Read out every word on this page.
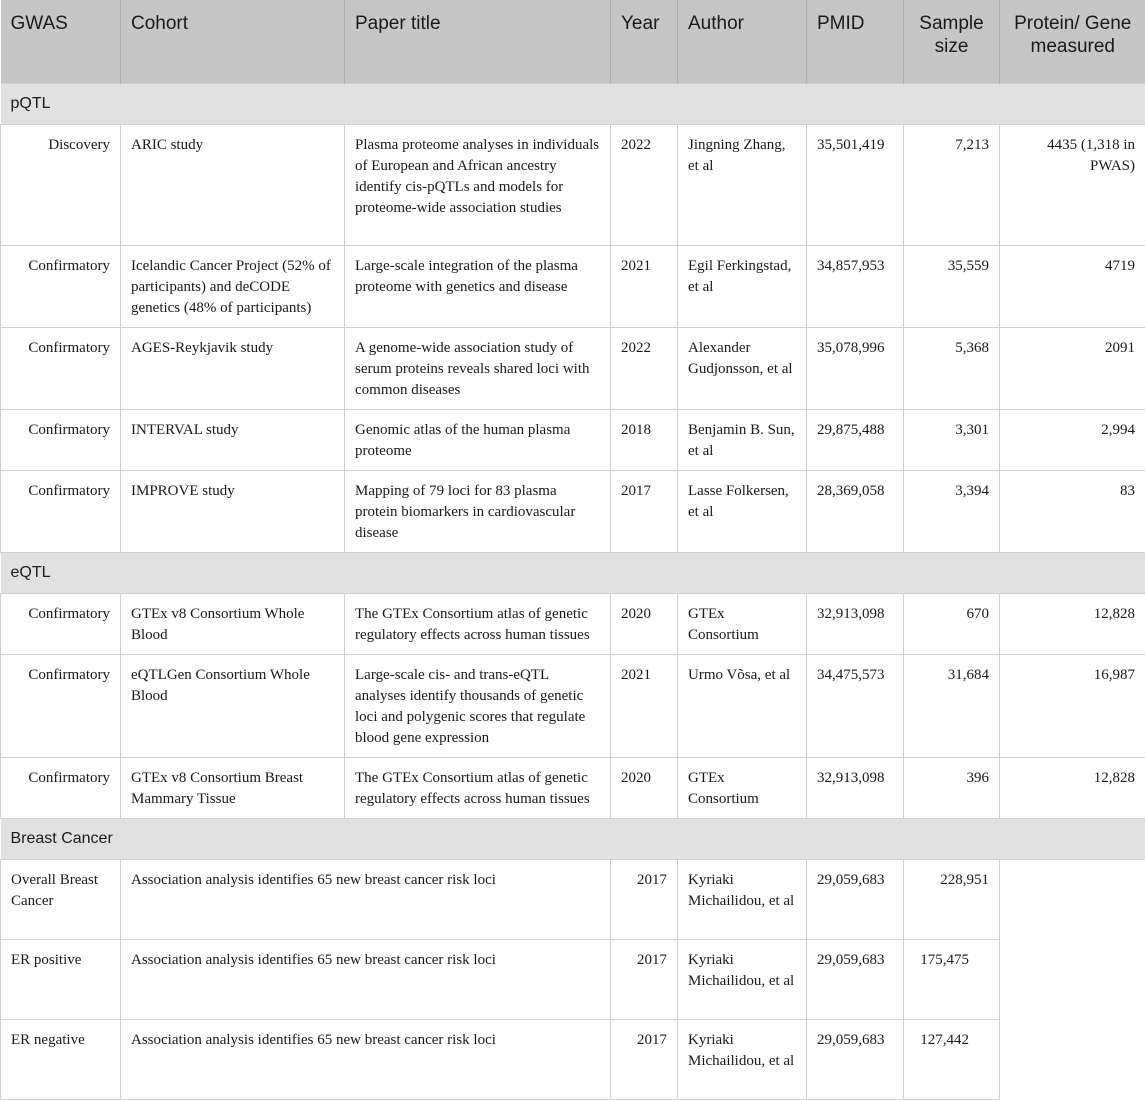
GWAS	Cohort	Paper title	Year	Author	PMID	Sample size	Protein/ Gene measured
pQTL							
Discovery	ARIC study	Plasma proteome analyses in individuals of European and African ancestry identify cis-pQTLs and models for proteome-wide association studies	2022	Jingning Zhang, et al	35,501,419	7,213	4435 (1,318 in PWAS)
Confirmatory	Icelandic Cancer Project (52% of participants) and deCODE genetics (48% of participants)	Large-scale integration of the plasma proteome with genetics and disease	2021	Egil Ferkingstad, et al	34,857,953	35,559	4719
Confirmatory	AGES-Reykjavik study	A genome-wide association study of serum proteins reveals shared loci with common diseases	2022	Alexander Gudjonsson, et al	35,078,996	5,368	2091
Confirmatory	INTERVAL study	Genomic atlas of the human plasma proteome	2018	Benjamin B. Sun, et al	29,875,488	3,301	2,994
Confirmatory	IMPROVE study	Mapping of 79 loci for 83 plasma protein biomarkers in cardiovascular disease	2017	Lasse Folkersen, et al	28,369,058	3,394	83
eQTL							
Confirmatory	GTEx v8 Consortium Whole Blood	The GTEx Consortium atlas of genetic regulatory effects across human tissues	2020	GTEx Consortium	32,913,098	670	12,828
Confirmatory	eQTLGen Consortium Whole Blood	Large-scale cis- and trans-eQTL analyses identify thousands of genetic loci and polygenic scores that regulate blood gene expression	2021	Urmo Võsa, et al	34,475,573	31,684	16,987
Confirmatory	GTEx v8 Consortium Breast Mammary Tissue	The GTEx Consortium atlas of genetic regulatory effects across human tissues	2020	GTEx Consortium	32,913,098	396	12,828
Breast Cancer							
Overall Breast Cancer	Association analysis identifies 65 new breast cancer risk loci		2017	Kyriaki Michailidou, et al	29,059,683	228,951	
ER positive	Association analysis identifies 65 new breast cancer risk loci		2017	Kyriaki Michailidou, et al	29,059,683	175,475	
ER negative	Association analysis identifies 65 new breast cancer risk loci		2017	Kyriaki Michailidou, et al	29,059,683	127,442	
